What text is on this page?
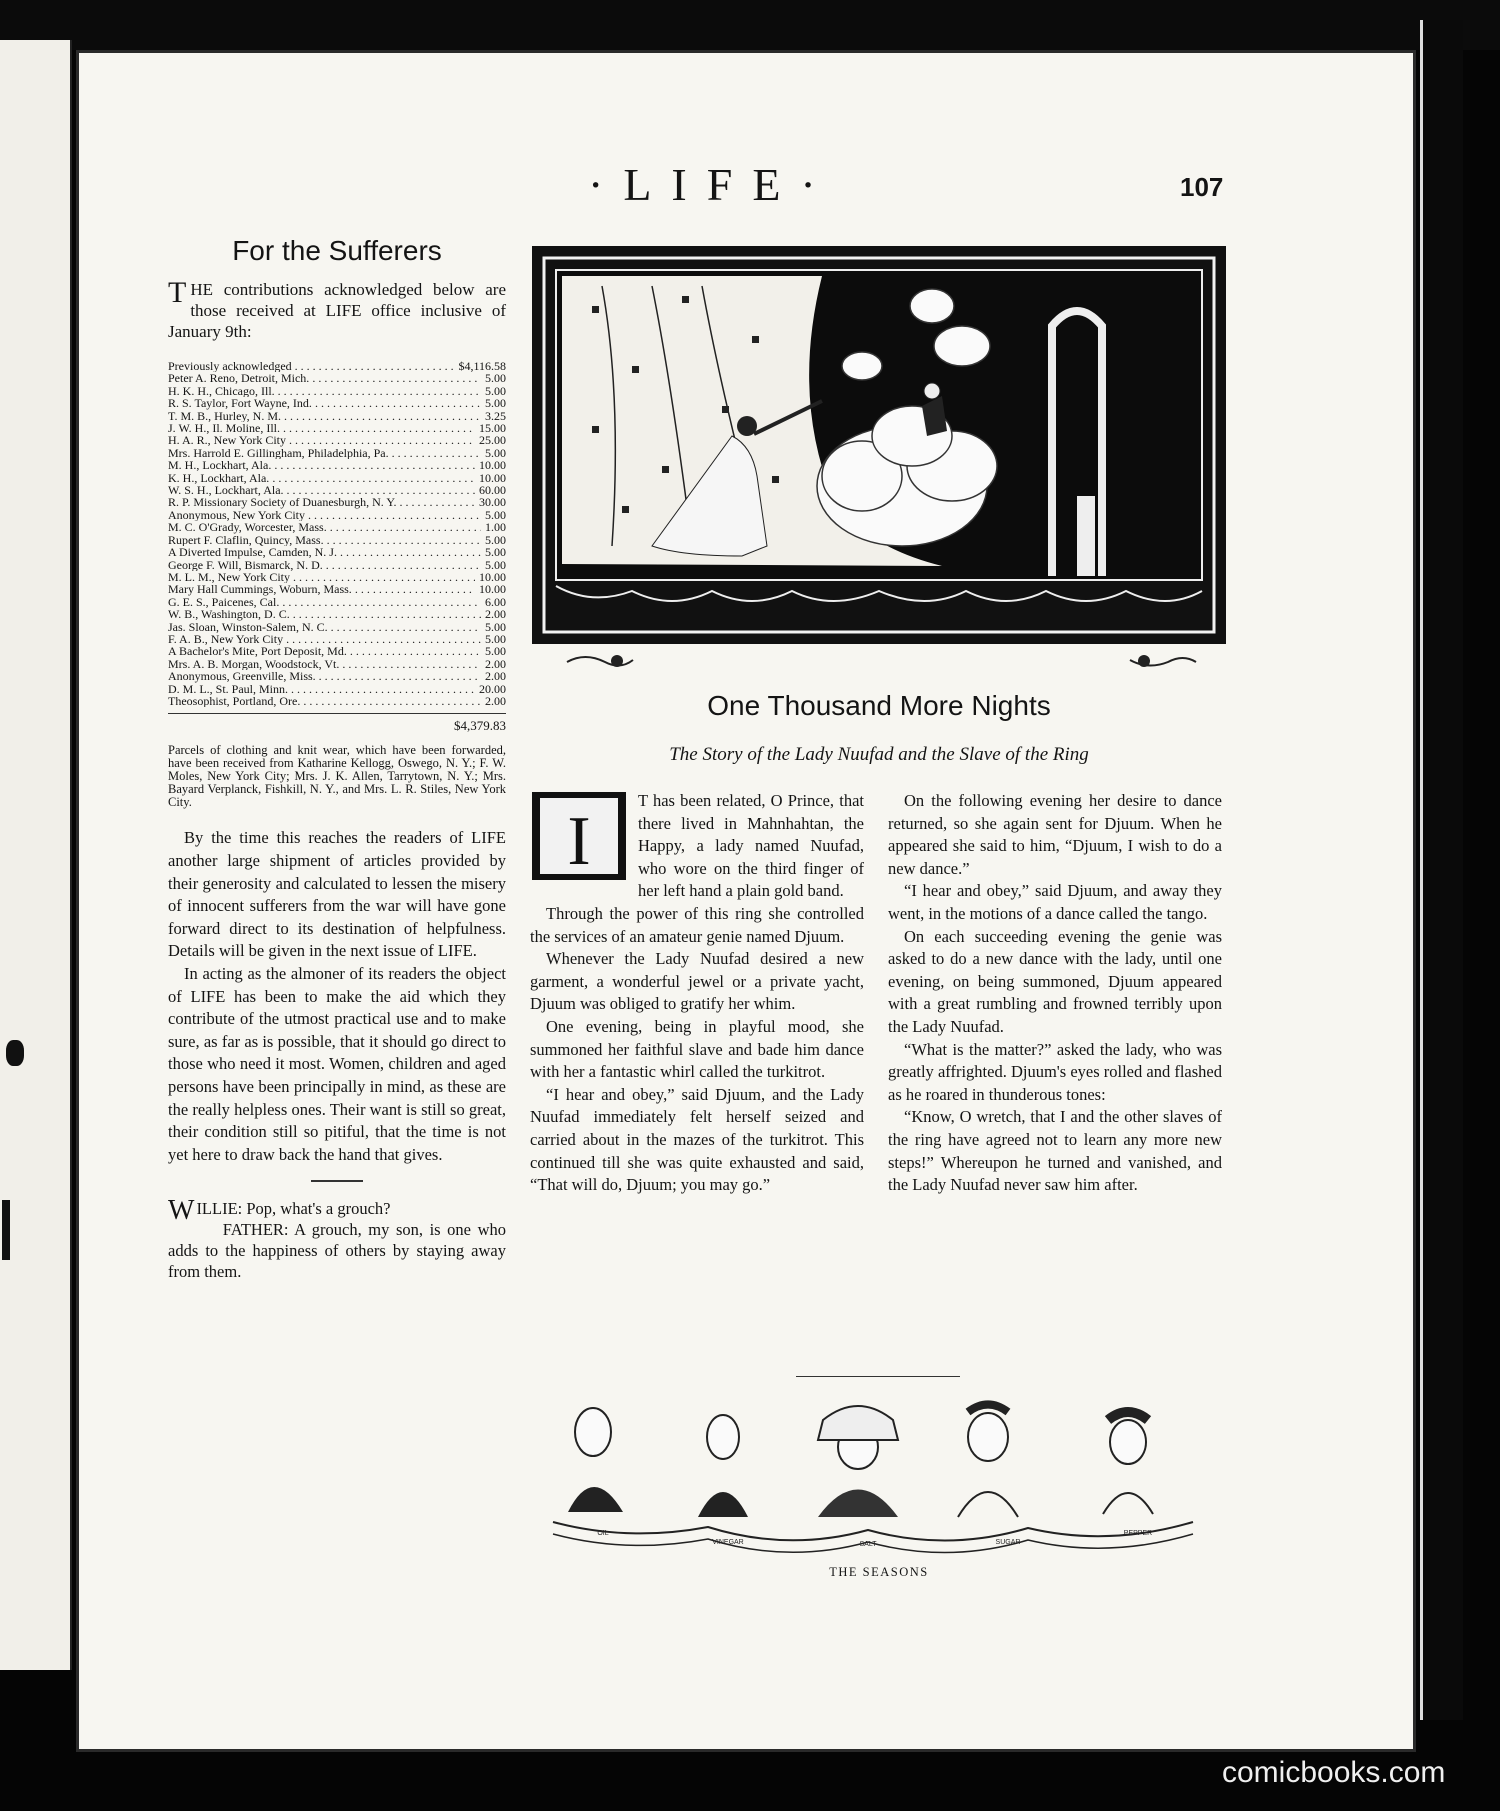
·LIFE·	107
For the Sufferers

THE contributions acknowledged below are those received at LIFE office inclusive of January 9th:

Previously acknowledged . . .	$4,116.58
Peter A. Reno, Detroit, Mich. . . .	5.00
H. K. H., Chicago, Ill. . . .	5.00
R. S. Taylor, Fort Wayne, Ind. . . .	5.00
T. M. B., Hurley, N. M. . . .	3.25
J. W. H., Il. Moline, Ill. . . .	15.00
H. A. R., New York City . . .	25.00
Mrs. Harrold E. Gillingham, Philadelphia, Pa. . . .	5.00
M. H., Lockhart, Ala. . . .	10.00
K. H., Lockhart, Ala. . . .	10.00
W. S. H., Lockhart, Ala. . . .	60.00
R. P. Missionary Society of Duanesburgh, N. Y. . . .	30.00
Anonymous, New York City . . .	5.00
M. C. O'Grady, Worcester, Mass. . . .	1.00
Rupert F. Claflin, Quincy, Mass. . . .	5.00
A Diverted Impulse, Camden, N. J. . . .	5.00
George F. Will, Bismarck, N. D. . . .	5.00
M. L. M., New York City . . .	10.00
Mary Hall Cummings, Woburn, Mass. . . .	10.00
G. E. S., Paicenes, Cal. . . .	6.00
W. B., Washington, D. C. . . .	2.00
Jas. Sloan, Winston-Salem, N. C. . . .	5.00
F. A. B., New York City . . .	5.00
A Bachelor's Mite, Port Deposit, Md. . . .	5.00
Mrs. A. B. Morgan, Woodstock, Vt. . . .	2.00
Anonymous, Greenville, Miss. . . .	2.00
D. M. L., St. Paul, Minn. . . .	20.00
Theosophist, Portland, Ore. . . .	2.00
$4,379.83

Parcels of clothing and knit wear, which have been forwarded, have been received from Katharine Kellogg, Oswego, N. Y.; F. W. Moles, New York City; Mrs. J. K. Allen, Tarrytown, N. Y.; Mrs. Bayard Verplanck, Fishkill, N. Y., and Mrs. L. R. Stiles, New York City.

By the time this reaches the readers of LIFE another large shipment of articles provided by their generosity and calculated to lessen the misery of innocent sufferers from the war will have gone forward direct to its destination of helpfulness. Details will be given in the next issue of LIFE.

In acting as the almoner of its readers the object of LIFE has been to make the aid which they contribute of the utmost practical use and to make sure, as far as is possible, that it should go direct to those who need it most. Women, children and aged persons have been principally in mind, as these are the really helpless ones. Their want is still so great, their condition still so pitiful, that the time is not yet here to draw back the hand that gives.

WILLIE: Pop, what's a grouch?
FATHER: A grouch, my son, is one who adds to the happiness of others by staying away from them.

One Thousand More Nights
The Story of the Lady Nuufad and the Slave of the Ring
I

T has been related, O Prince, that there lived in Mahnhahtan, the Happy, a lady named Nuufad, who wore on the third finger of her left hand a plain gold band.

Through the power of this ring she controlled the services of an amateur genie named Djuum.

Whenever the Lady Nuufad desired a new garment, a wonderful jewel or a private yacht, Djuum was obliged to gratify her whim.

One evening, being in playful mood, she summoned her faithful slave and bade him dance with her a fantastic whirl called the turkitrot.

“I hear and obey,” said Djuum, and the Lady Nuufad immediately felt herself seized and carried about in the mazes of the turkitrot. This continued till she was quite exhausted and said, “That will do, Djuum; you may go.”

On the following evening her desire to dance returned, so she again sent for Djuum. When he appeared she said to him, “Djuum, I wish to do a new dance.”

“I hear and obey,” said Djuum, and away they went, in the motions of a dance called the tango.

On each succeeding evening the genie was asked to do a new dance with the lady, until one evening, on being summoned, Djuum appeared with a great rumbling and frowned terribly upon the Lady Nuufad.

“What is the matter?” asked the lady, who was greatly affrighted. Djuum's eyes rolled and flashed as he roared in thunderous tones:

“Know, O wretch, that I and the other slaves of the ring have agreed not to learn any more new steps!” Whereupon he turned and vanished, and the Lady Nuufad never saw him after.

OIL
VINEGAR	SALT	SUGAR
PEPPER
THE SEASONS
comicbooks.com
